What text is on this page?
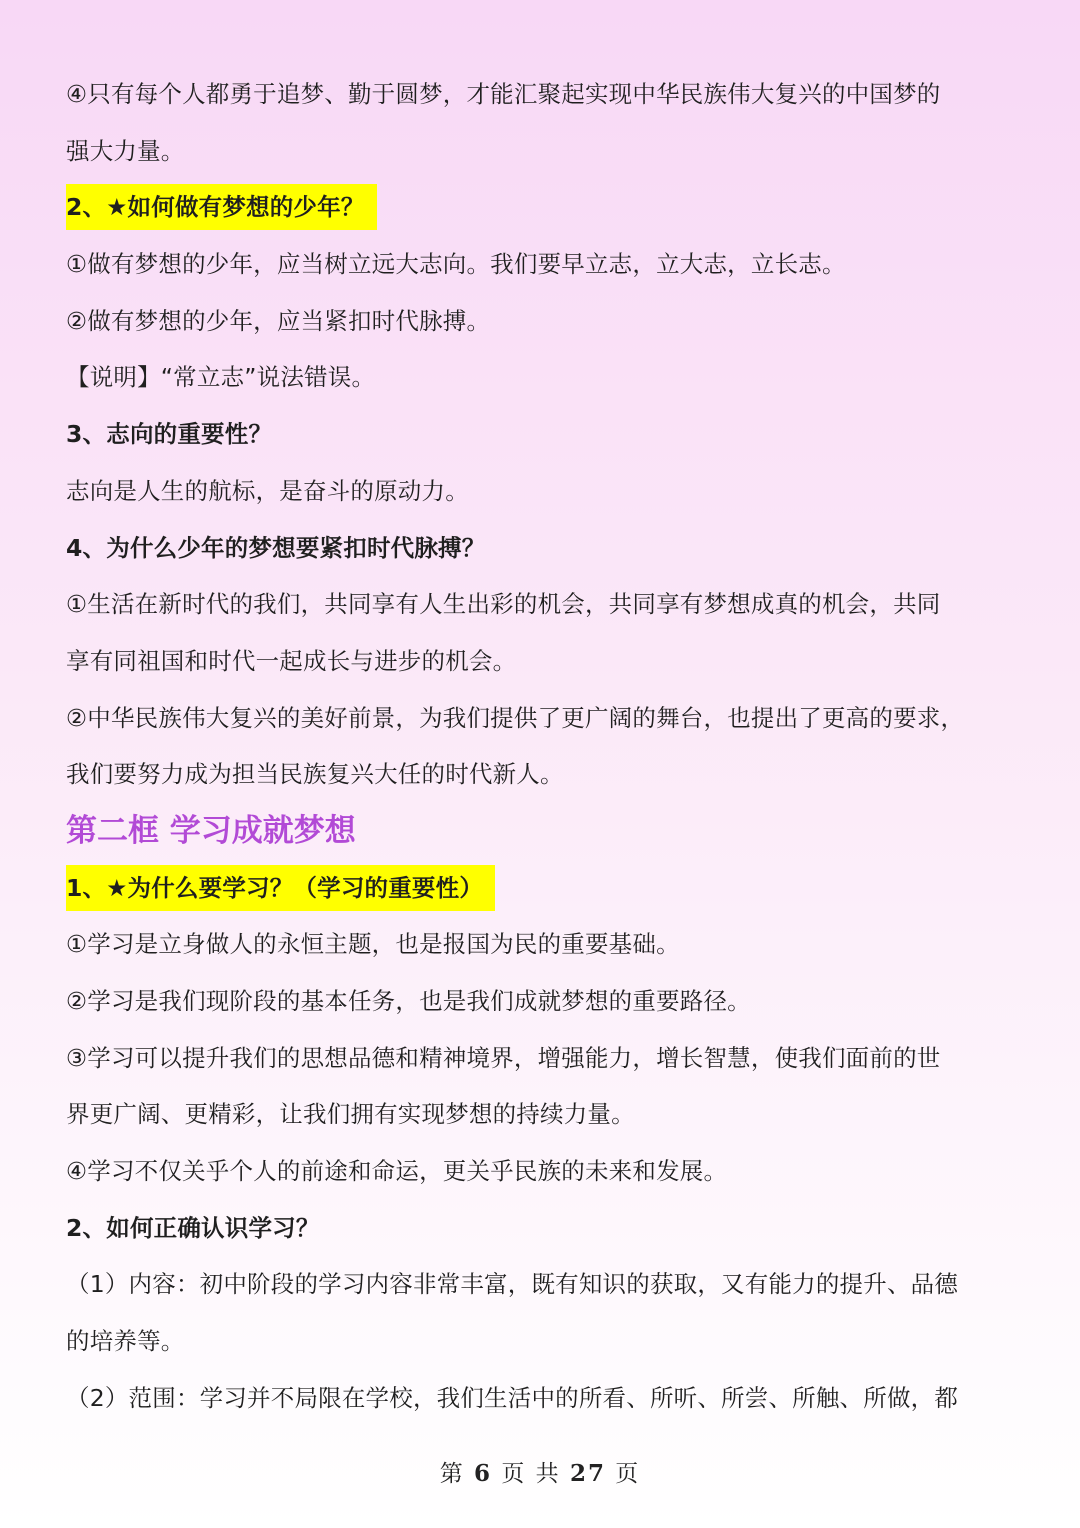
④只有每个人都勇于追梦、勤于圆梦，才能汇聚起实现中华民族伟大复兴的中国梦的
强大力量。
2、★如何做有梦想的少年？
①做有梦想的少年，应当树立远大志向。我们要早立志，立大志，立长志。
②做有梦想的少年，应当紧扣时代脉搏。
【说明】“常立志”说法错误。
3、志向的重要性？
志向是人生的航标，是奋斗的原动力。
4、为什么少年的梦想要紧扣时代脉搏？
①生活在新时代的我们，共同享有人生出彩的机会，共同享有梦想成真的机会，共同
享有同祖国和时代一起成长与进步的机会。
②中华民族伟大复兴的美好前景，为我们提供了更广阔的舞台，也提出了更高的要求，
我们要努力成为担当民族复兴大任的时代新人。
第二框 学习成就梦想
1、★为什么要学习？（学习的重要性）
①学习是立身做人的永恒主题，也是报国为民的重要基础。
②学习是我们现阶段的基本任务，也是我们成就梦想的重要路径。
③学习可以提升我们的思想品德和精神境界，增强能力，增长智慧，使我们面前的世
界更广阔、更精彩，让我们拥有实现梦想的持续力量。
④学习不仅关乎个人的前途和命运，更关乎民族的未来和发展。
2、如何正确认识学习？
（1）内容：初中阶段的学习内容非常丰富，既有知识的获取，又有能力的提升、品德
的培养等。
（2）范围：学习并不局限在学校，我们生活中的所看、所听、所尝、所触、所做，都
第 6 页 共 27 页
